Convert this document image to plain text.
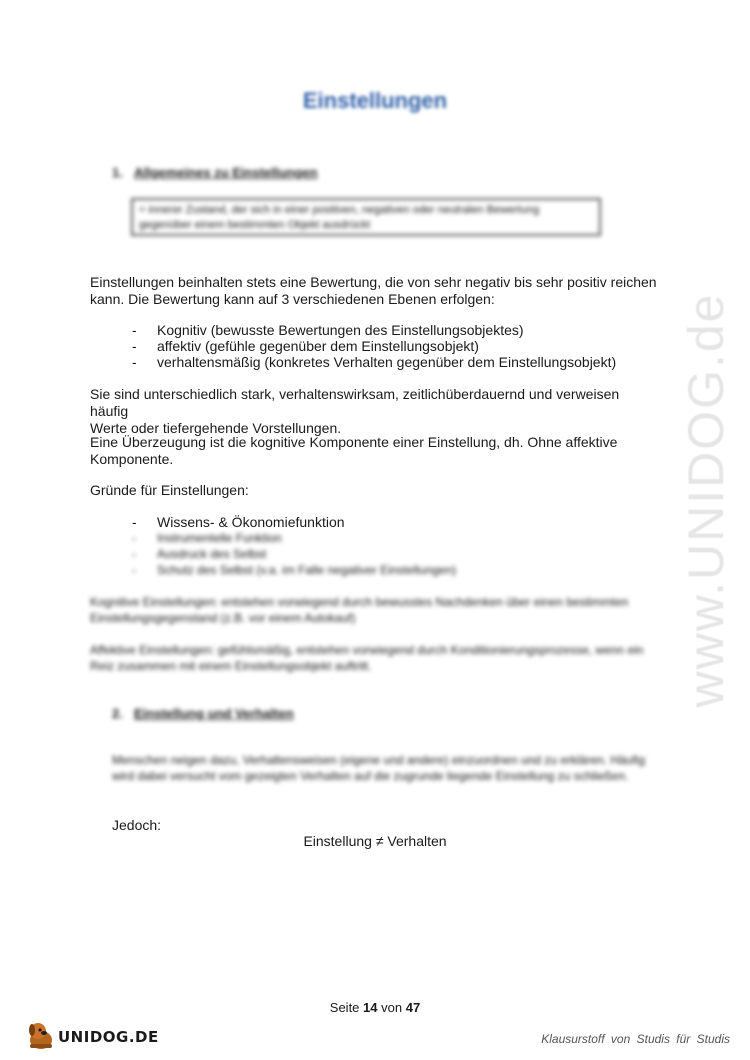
www.UNIDOG.de
Einstellungen
1. Allgemeines zu Einstellungen
= innerer Zustand, der sich in einer positiven, negativen oder neutralen Bewertung gegenüber einem bestimmten Objekt ausdrückt
Einstellungen beinhalten stets eine Bewertung, die von sehr negativ bis sehr positiv reichen
kann. Die Bewertung kann auf 3 verschiedenen Ebenen erfolgen:
- Kognitiv (bewusste Bewertungen des Einstellungsobjektes)
- affektiv (gefühle gegenüber dem Einstellungsobjekt)
- verhaltensmäßig (konkretes Verhalten gegenüber dem Einstellungsobjekt)
Sie sind unterschiedlich stark, verhaltenswirksam, zeitlichüberdauernd und verweisen häufig
Werte oder tiefergehende Vorstellungen.
Eine Überzeugung ist die kognitive Komponente einer Einstellung, dh. Ohne affektive
Komponente.
Gründe für Einstellungen:
- Wissens- & Ökonomiefunktion
- Instrumentelle Funktion
- Ausdruck des Selbst
- Schutz des Selbst (v.a. im Falle negativer Einstellungen)
Kognitive Einstellungen: entstehen vorwiegend durch bewusstes Nachdenken über einen bestimmten Einstellungsgegenstand (z.B. vor einem Autokauf)
Affektive Einstellungen: gefühlsmäßig, entstehen vorwiegend durch Konditionierungsprozesse, wenn ein Reiz zusammen mit einem Einstellungsobjekt auftritt.
2. Einstellung und Verhalten
Menschen neigen dazu, Verhaltensweisen (eigene und andere) einzuordnen und zu erklären. Häufig wird dabei versucht vom gezeigten Verhalten auf die zugrunde liegende Einstellung zu schließen.
Jedoch:
Einstellung ≠ Verhalten
Seite 14 von 47
UNIDOG.DE	Klausurstoff von Studis für Studis
